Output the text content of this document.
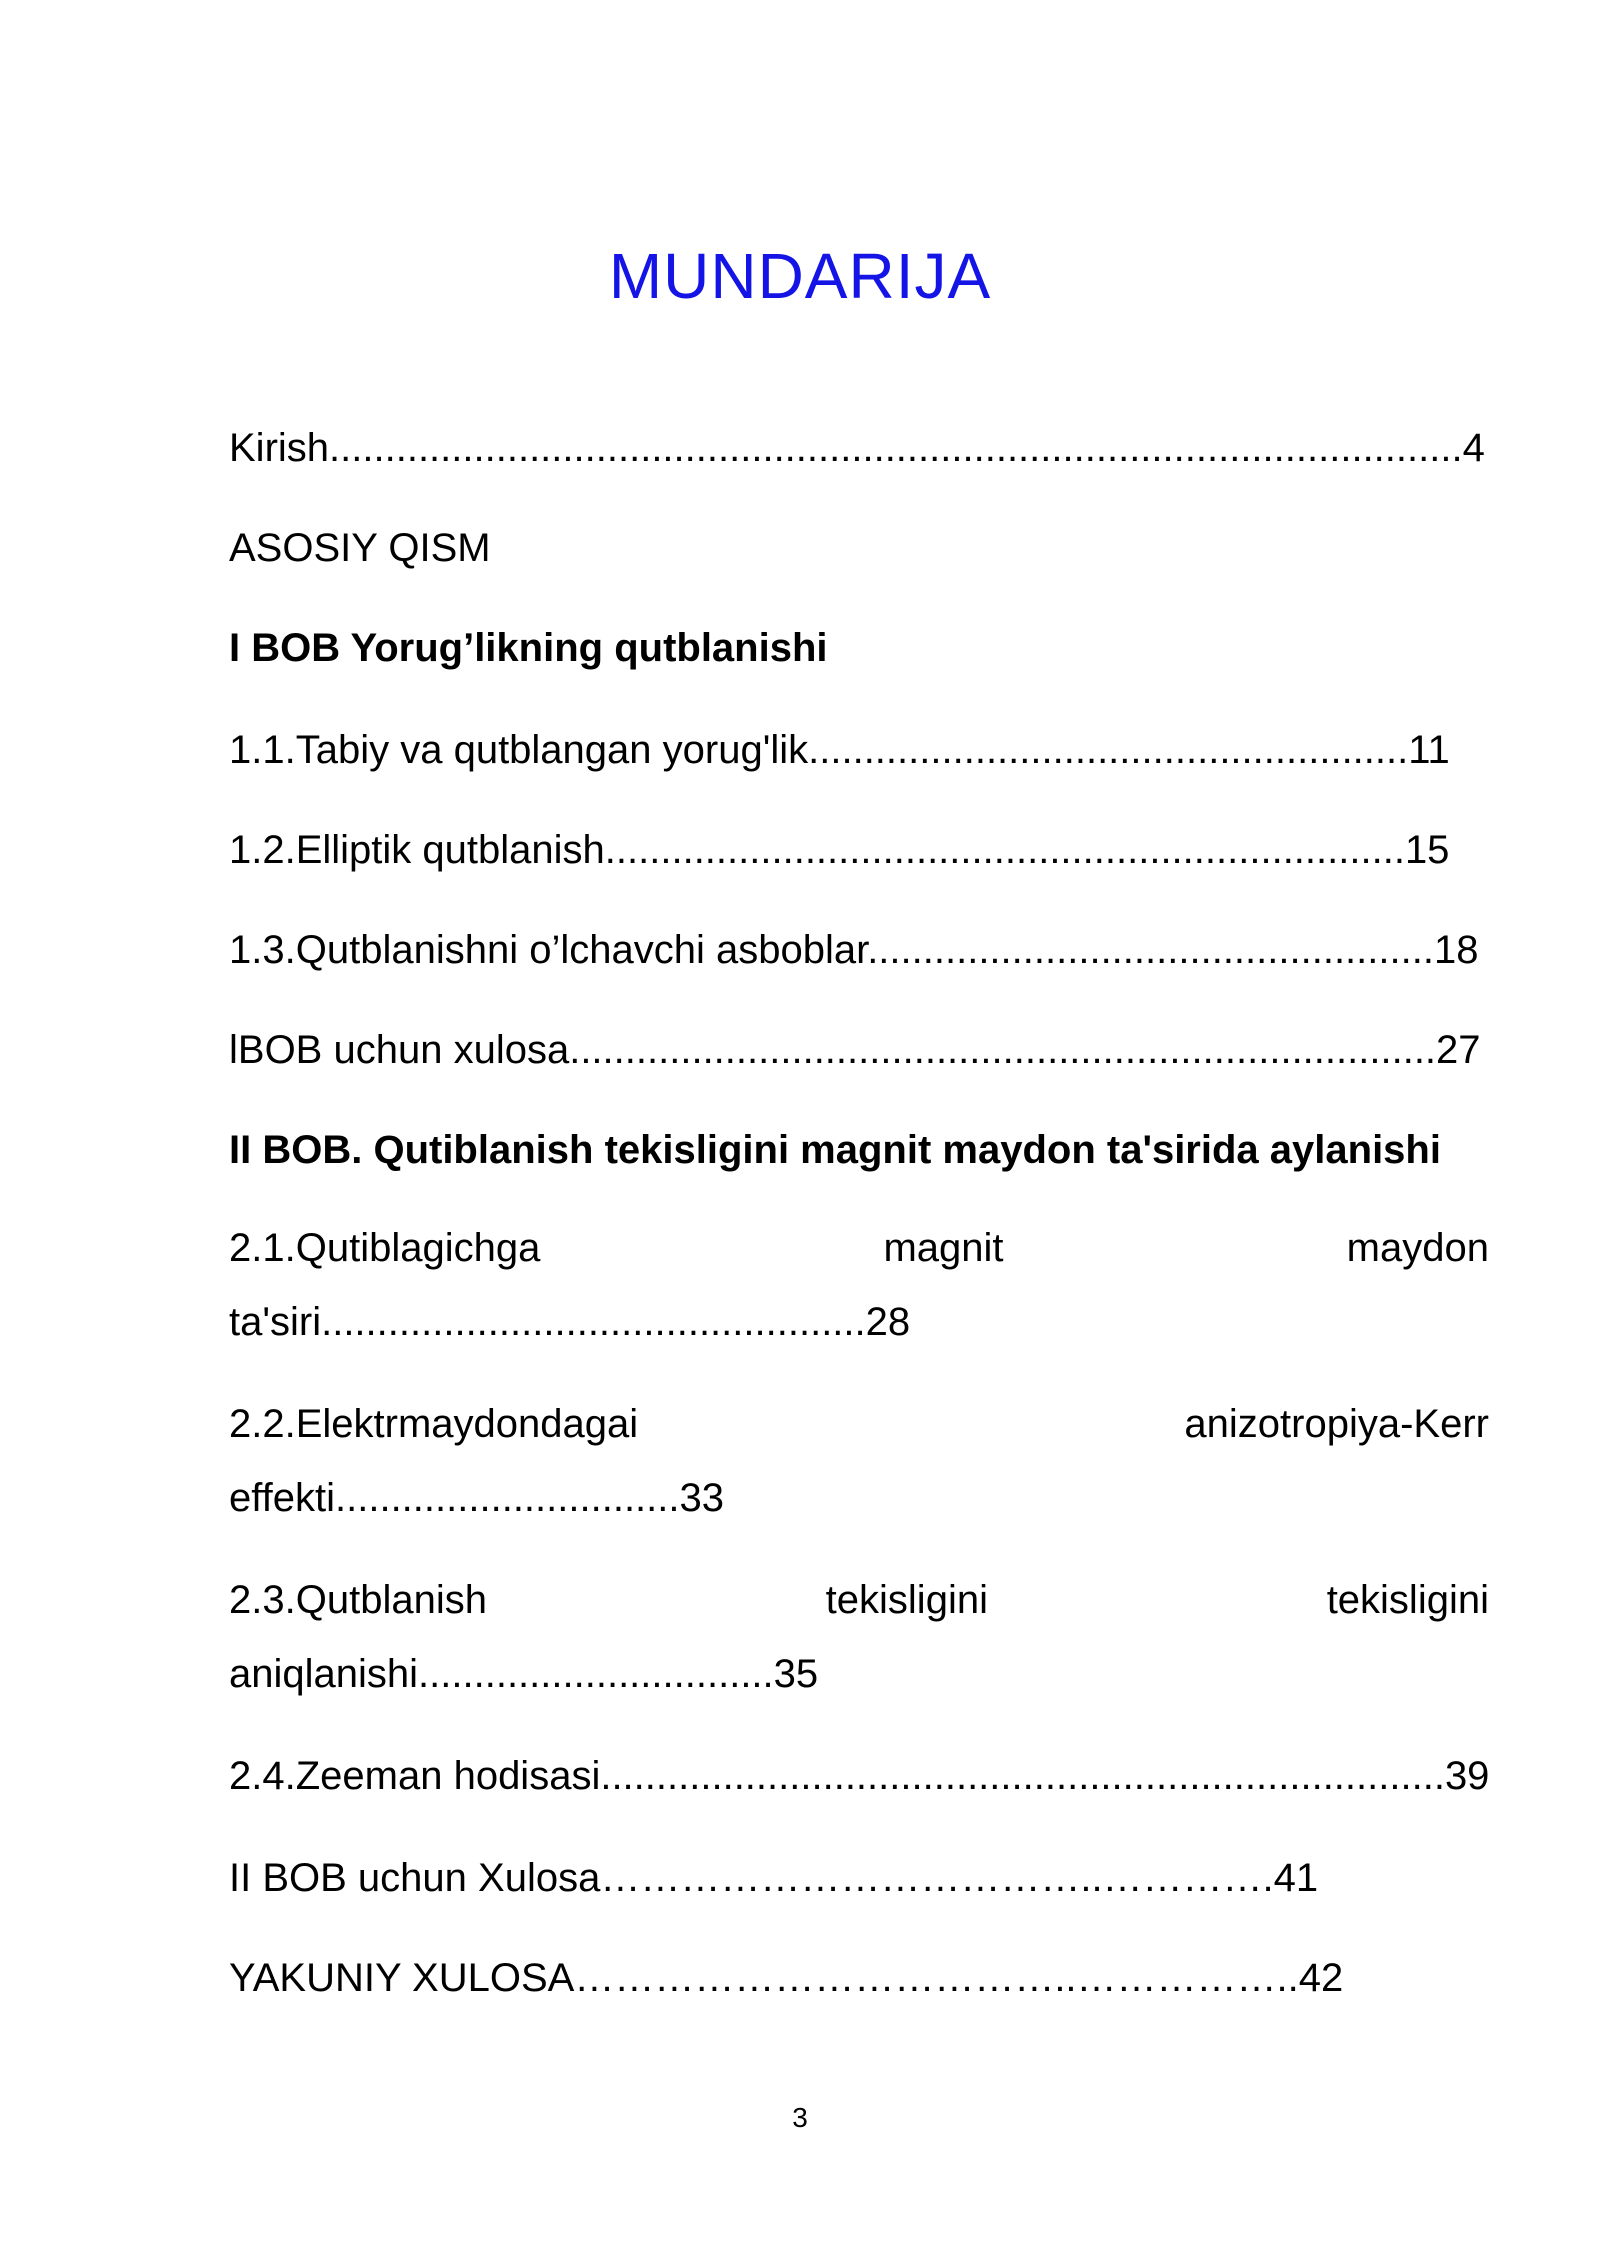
MUNDARIJA
Kirish......................................................................................................4
ASOSIY QISM
I BOB Yorug’likning qutblanishi
1.1.Tabiy va qutblangan yorug'lik......................................................11
1.2.Elliptik qutblanish........................................................................15
1.3.Qutblanishni o’lchavchi asboblar...................................................18
lBOB uchun xulosa..............................................................................27
II BOB. Qutiblanish tekisligini magnit maydon ta'sirida aylanishi
2.1.Qutiblagichga	magnit	maydon
ta'siri.................................................28
2.2.Elektrmaydondagai	anizotropiya-Kerr
effekti...............................33
2.3.Qutblanish	tekisligini	tekisligini
aniqlanishi................................35
2.4.Zeeman hodisasi............................................................................39
II BOB uchun Xulosa………………………………..………….41
YAKUNIY XULOSA………………………………..……………..42
3
